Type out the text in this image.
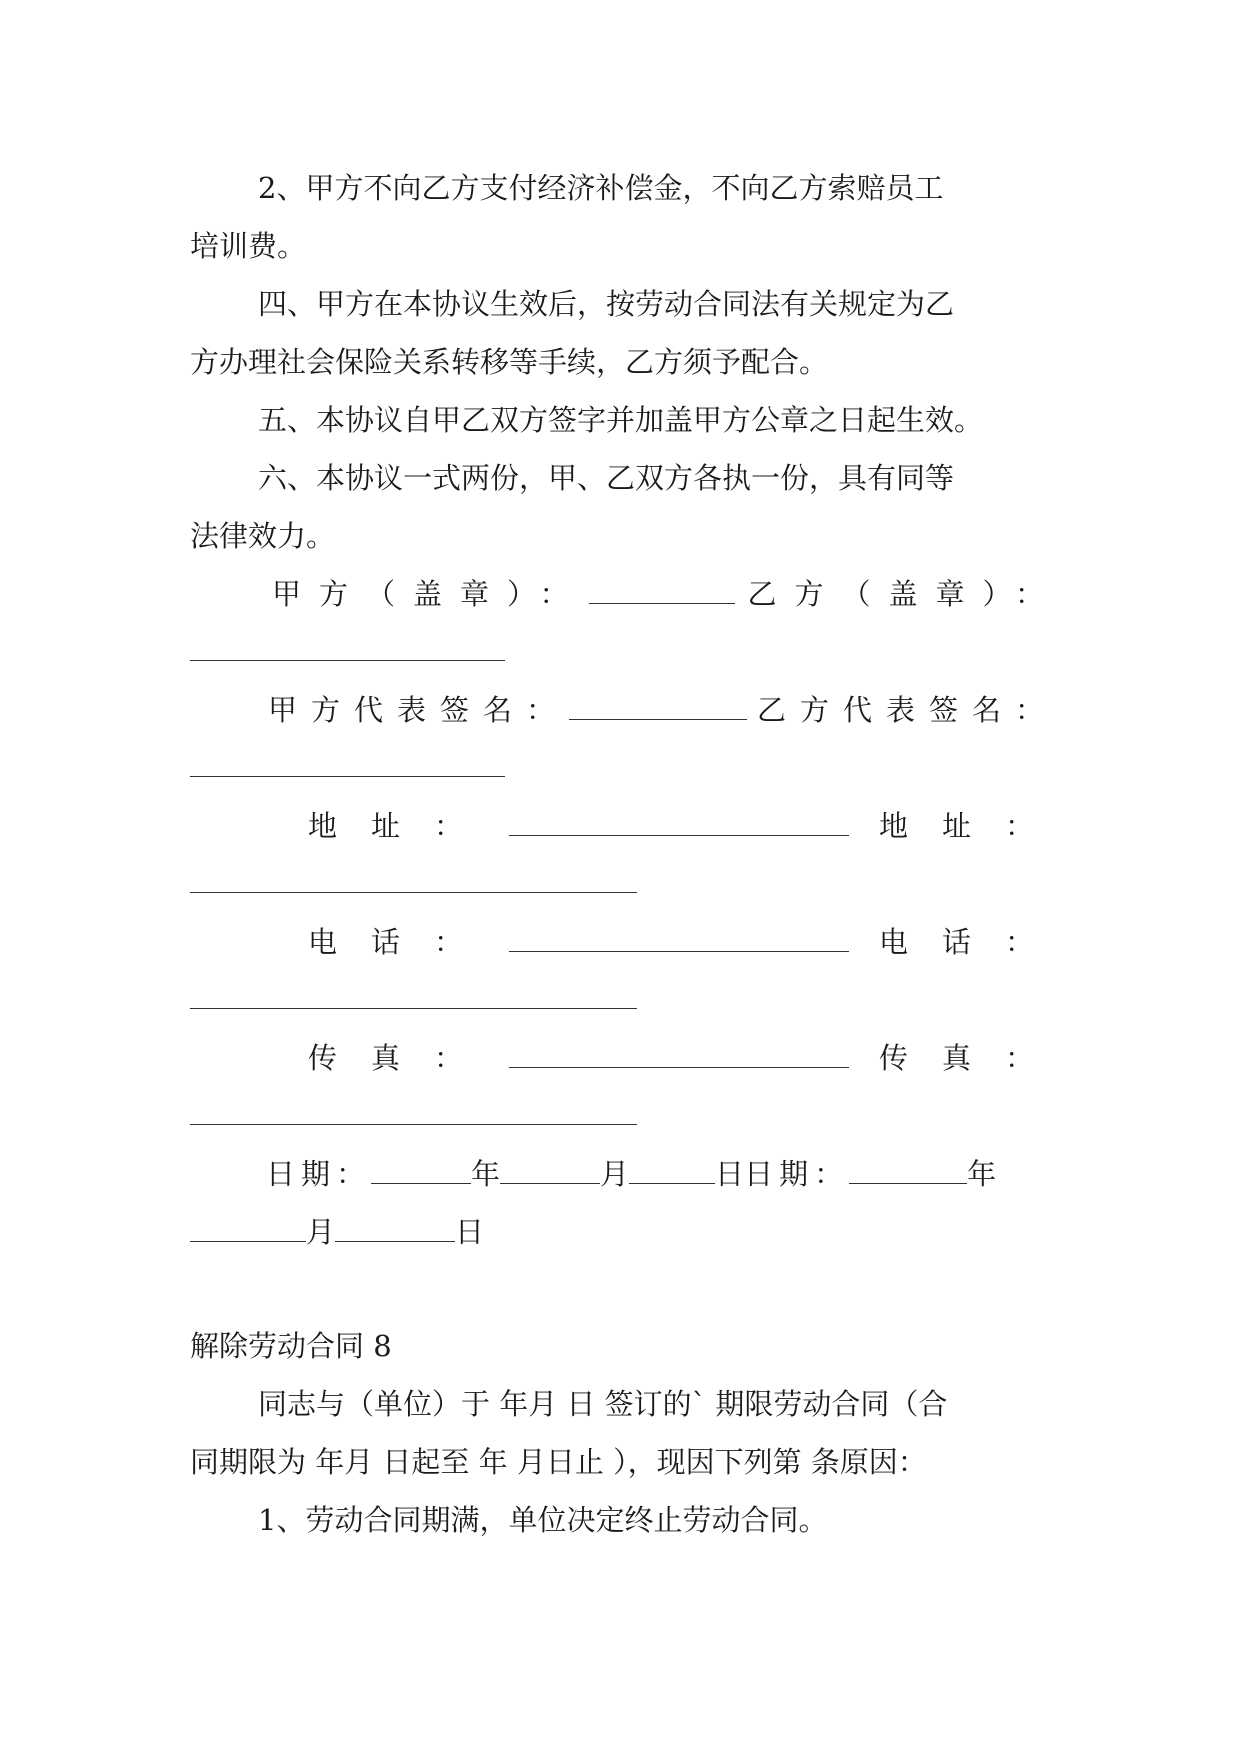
2、甲方不向乙方支付经济补偿金，不向乙方索赔员工
培训费。
四、甲方在本协议生效后，按劳动合同法有关规定为乙
方办理社会保险关系转移等手续，乙方须予配合。
五、本协议自甲乙双方签字并加盖甲方公章之日起生效。
六、本协议一式两份，甲、乙双方各执一份，具有同等
法律效力。
甲方（盖章）：	乙方（盖章）：
甲方代表签名：	乙方代表签名：
地址：	地址：
电话：	电话：
传真：	传真：
日期：	年	月	日 日期：	年
月	日
解除劳动合同 8
同志与（单位）于 年月 日 签订的` 期限劳动合同（合
同期限为 年月 日起至 年 月日止 ），现因下列第 条原因：
1、劳动合同期满，单位决定终止劳动合同。
